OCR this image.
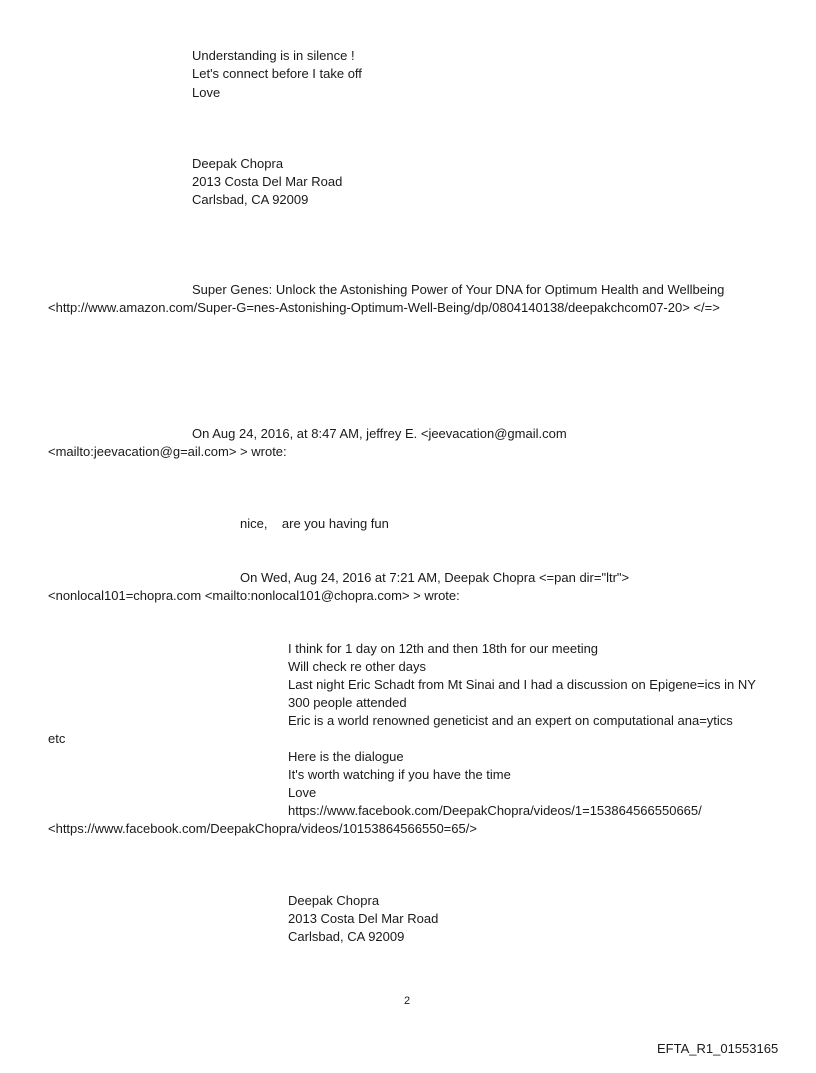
Understanding is in silence !
Let's connect before I take off
Love
Deepak Chopra
2013 Costa Del Mar Road
Carlsbad, CA 92009
Super Genes: Unlock the Astonishing Power of Your DNA for Optimum Health and Wellbeing
<http://www.amazon.com/Super-G=nes-Astonishing-Optimum-Well-Being/dp/0804140138/deepakchcom07-20> </=>
On Aug 24, 2016, at 8:47 AM, jeffrey E. <jeevacation@gmail.com
<mailto:jeevacation@g=ail.com> > wrote:
nice,    are you having fun
On Wed, Aug 24, 2016 at 7:21 AM, Deepak Chopra <=pan dir="ltr">
<nonlocal101=chopra.com <mailto:nonlocal101@chopra.com> > wrote:
I think for 1 day on 12th and then 18th for our meeting
Will check re other days
Last night Eric Schadt from Mt Sinai and I had a discussion on Epigene=ics in NY
300 people attended
Eric is a world renowned geneticist and an expert on computational ana=ytics
etc
Here is the dialogue
It's worth watching if you have the time
Love
https://www.facebook.com/DeepakChopra/videos/1=153864566550665/
<https://www.facebook.com/DeepakChopra/videos/10153864566550=65/>
Deepak Chopra
2013 Costa Del Mar Road
Carlsbad, CA 92009
2
EFTA_R1_01553165
